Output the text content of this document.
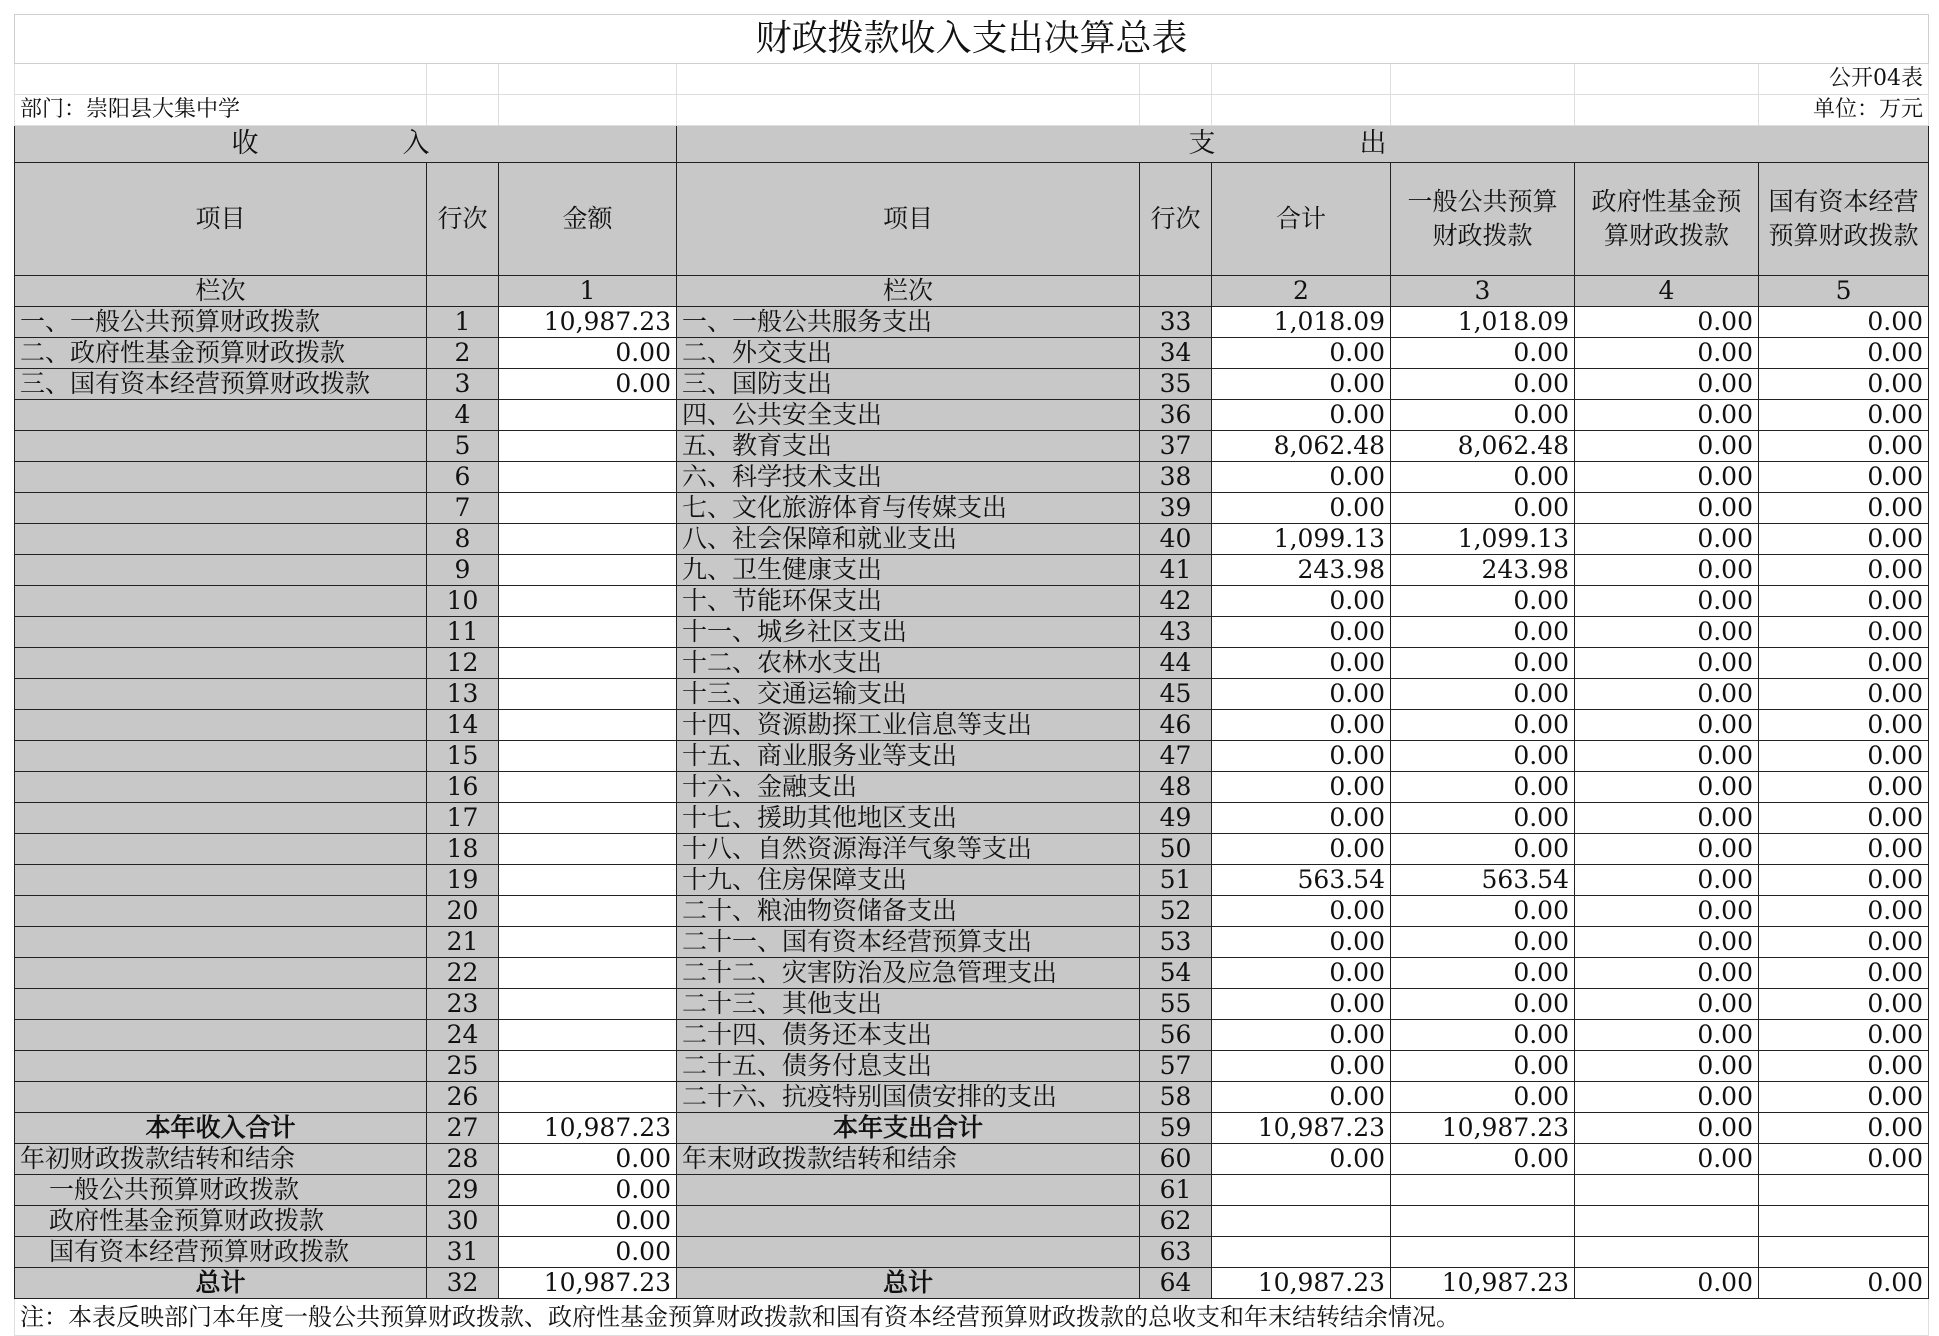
财政拨款收入支出决算总表								
								公开04表
部门：崇阳县大集中学								单位：万元
收　　入			支　　出					
项目	行次	金额	项目	行次	合计	一般公共预算财政拨款	政府性基金预算财政拨款	国有资本经营预算财政拨款
栏次		1	栏次		2	3	4	5
一、一般公共预算财政拨款	1	10,987.23	一、一般公共服务支出	33	1,018.09	1,018.09	0.00	0.00
二、政府性基金预算财政拨款	2	0.00	二、外交支出	34	0.00	0.00	0.00	0.00
三、国有资本经营预算财政拨款	3	0.00	三、国防支出	35	0.00	0.00	0.00	0.00
	4		四、公共安全支出	36	0.00	0.00	0.00	0.00
	5		五、教育支出	37	8,062.48	8,062.48	0.00	0.00
	6		六、科学技术支出	38	0.00	0.00	0.00	0.00
	7		七、文化旅游体育与传媒支出	39	0.00	0.00	0.00	0.00
	8		八、社会保障和就业支出	40	1,099.13	1,099.13	0.00	0.00
	9		九、卫生健康支出	41	243.98	243.98	0.00	0.00
	10		十、节能环保支出	42	0.00	0.00	0.00	0.00
	11		十一、城乡社区支出	43	0.00	0.00	0.00	0.00
	12		十二、农林水支出	44	0.00	0.00	0.00	0.00
	13		十三、交通运输支出	45	0.00	0.00	0.00	0.00
	14		十四、资源勘探工业信息等支出	46	0.00	0.00	0.00	0.00
	15		十五、商业服务业等支出	47	0.00	0.00	0.00	0.00
	16		十六、金融支出	48	0.00	0.00	0.00	0.00
	17		十七、援助其他地区支出	49	0.00	0.00	0.00	0.00
	18		十八、自然资源海洋气象等支出	50	0.00	0.00	0.00	0.00
	19		十九、住房保障支出	51	563.54	563.54	0.00	0.00
	20		二十、粮油物资储备支出	52	0.00	0.00	0.00	0.00
	21		二十一、国有资本经营预算支出	53	0.00	0.00	0.00	0.00
	22		二十二、灾害防治及应急管理支出	54	0.00	0.00	0.00	0.00
	23		二十三、其他支出	55	0.00	0.00	0.00	0.00
	24		二十四、债务还本支出	56	0.00	0.00	0.00	0.00
	25		二十五、债务付息支出	57	0.00	0.00	0.00	0.00
	26		二十六、抗疫特别国债安排的支出	58	0.00	0.00	0.00	0.00
本年收入合计	27	10,987.23	本年支出合计	59	10,987.23	10,987.23	0.00	0.00
年初财政拨款结转和结余	28	0.00	年末财政拨款结转和结余	60	0.00	0.00	0.00	0.00
一般公共预算财政拨款	29	0.00		61				
政府性基金预算财政拨款	30	0.00		62				
国有资本经营预算财政拨款	31	0.00		63				
总计	32	10,987.23	总计	64	10,987.23	10,987.23	0.00	0.00
注：本表反映部门本年度一般公共预算财政拨款、政府性基金预算财政拨款和国有资本经营预算财政拨款的总收支和年末结转结余情况。								
